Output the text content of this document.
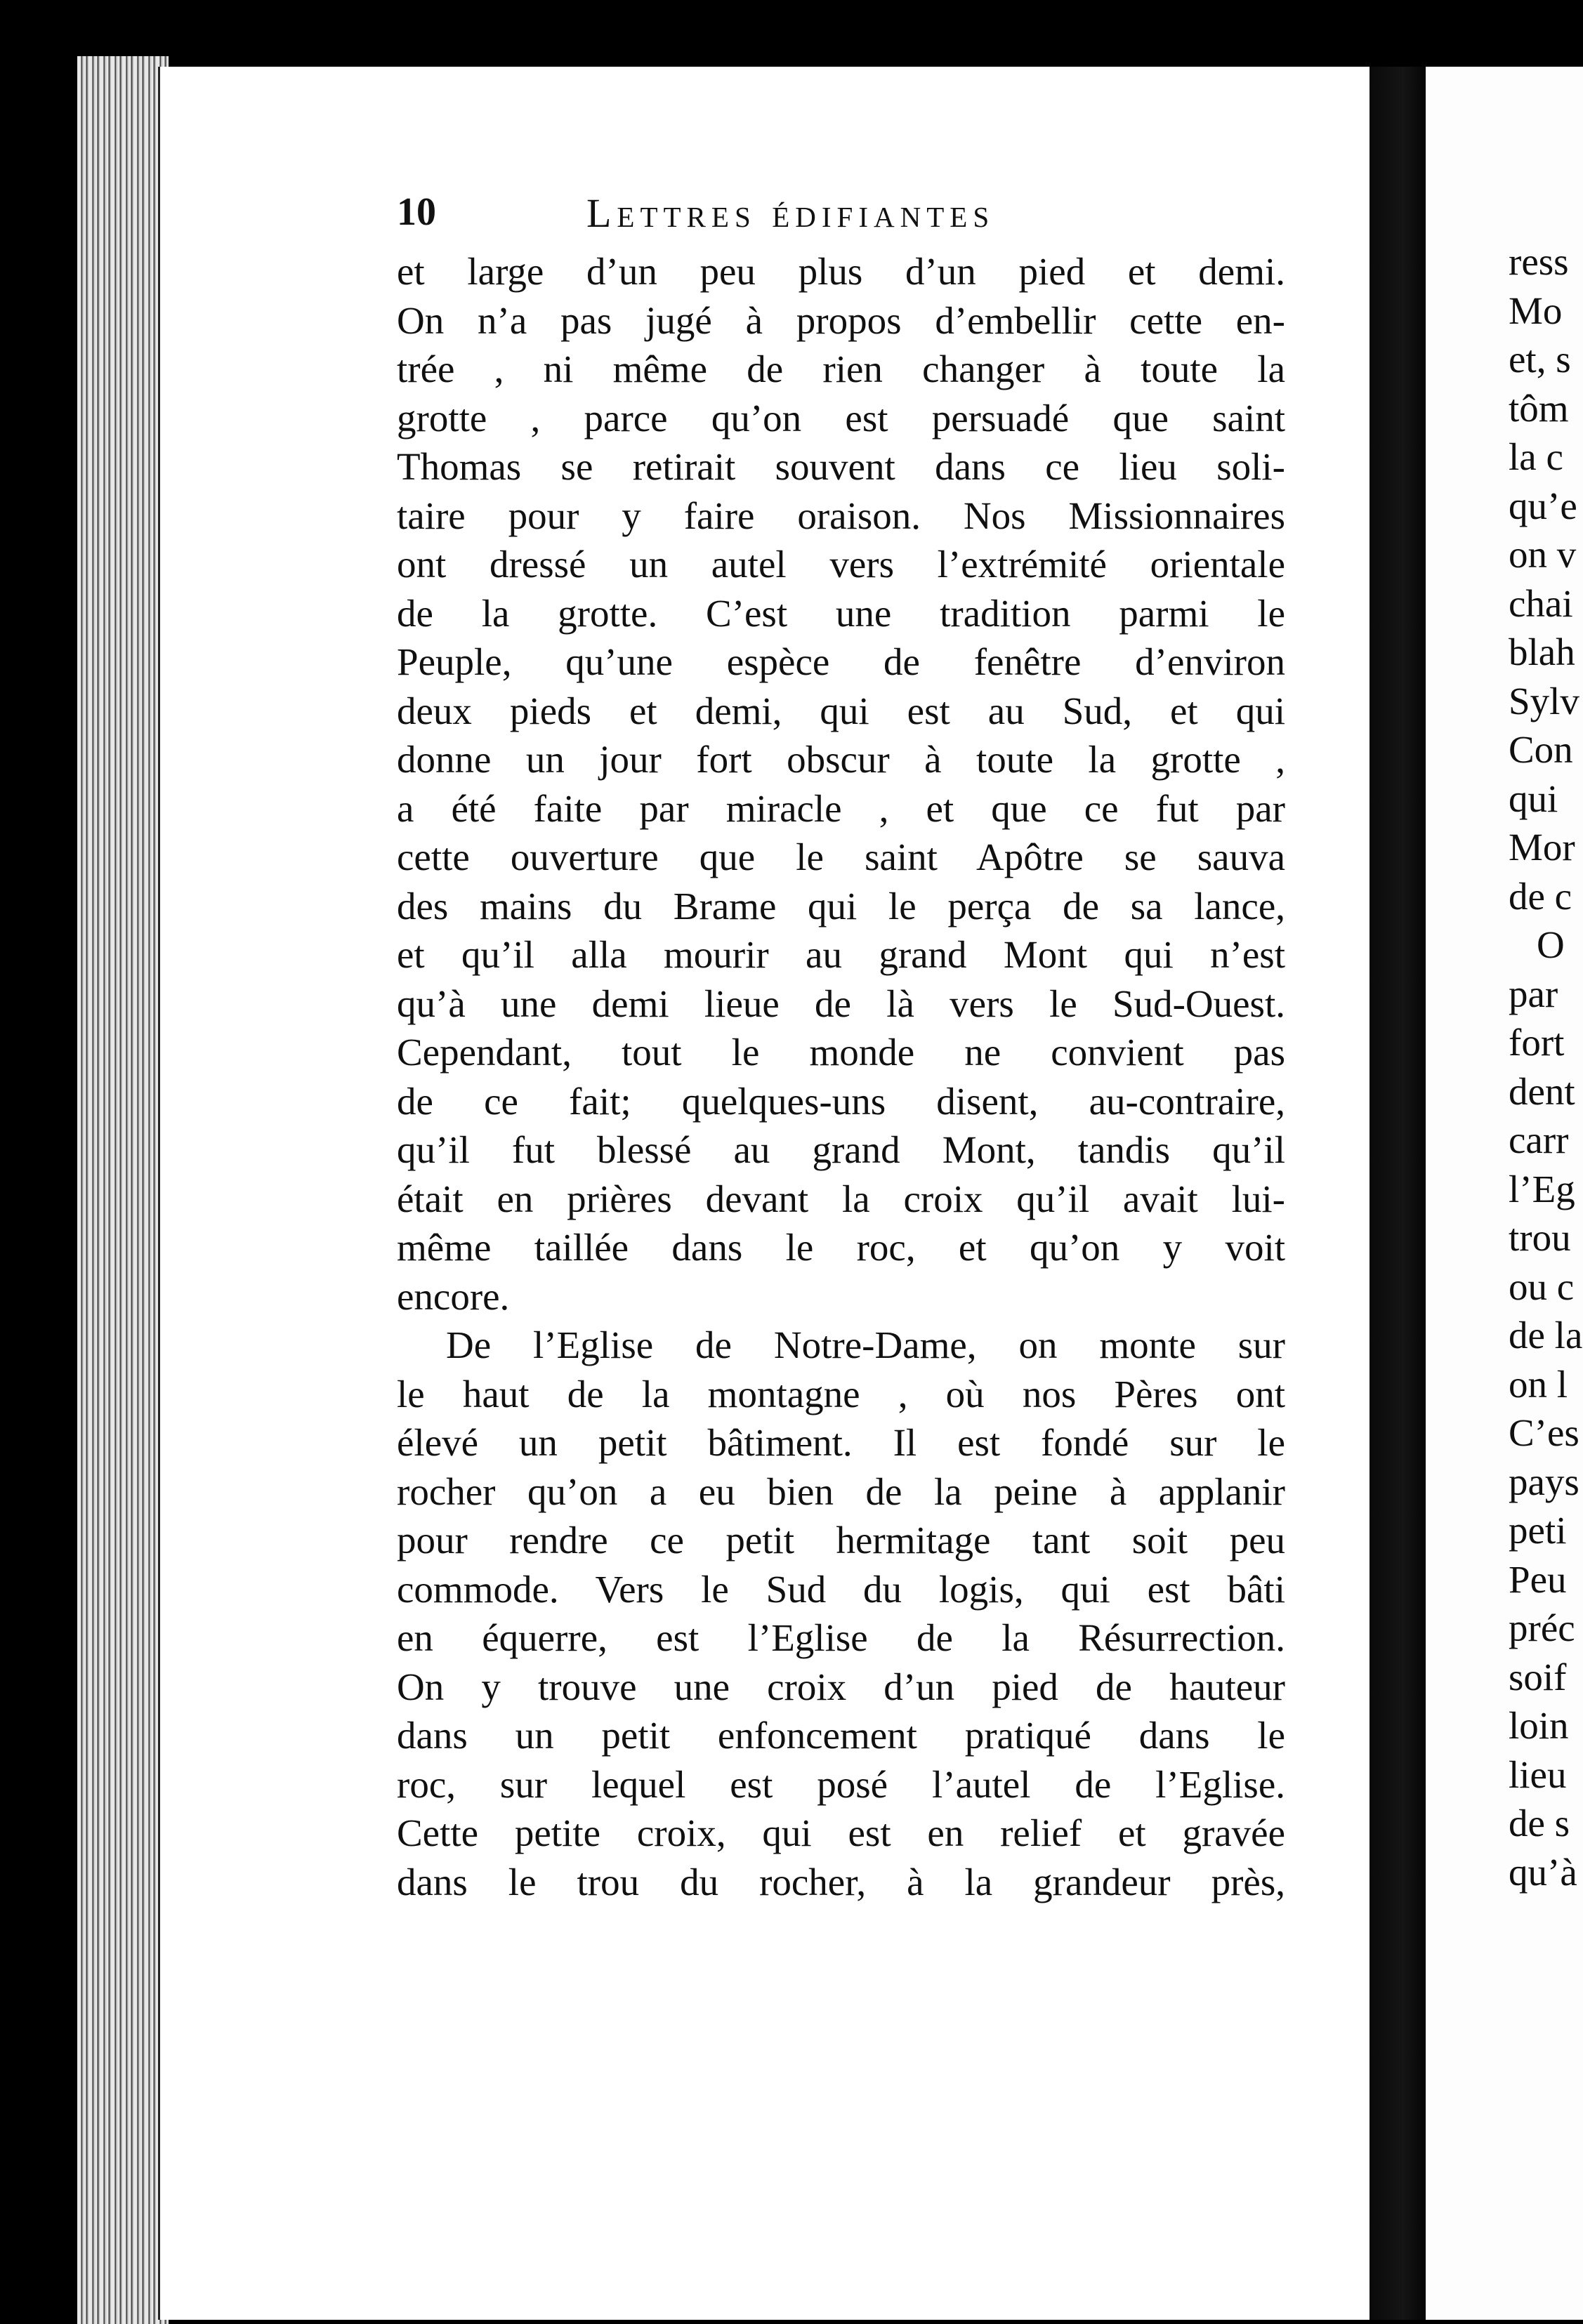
10	Lettres édifiantes
et large d’un peu plus d’un pied et demi.
On n’a pas jugé à propos d’embellir cette en-
trée , ni même de rien changer à toute la
grotte , parce qu’on est persuadé que saint
Thomas se retirait souvent dans ce lieu soli-
taire pour y faire oraison. Nos Missionnaires
ont dressé un autel vers l’extrémité orientale
de la grotte. C’est une tradition parmi le
Peuple, qu’une espèce de fenêtre d’environ
deux pieds et demi, qui est au Sud, et qui
donne un jour fort obscur à toute la grotte ,
a été faite par miracle , et que ce fut par
cette ouverture que le saint Apôtre se sauva
des mains du Brame qui le perça de sa lance,
et qu’il alla mourir au grand Mont qui n’est
qu’à une demi lieue de là vers le Sud-Ouest.
Cependant, tout le monde ne convient pas
de ce fait; quelques-uns disent, au-contraire,
qu’il fut blessé au grand Mont, tandis qu’il
était en prières devant la croix qu’il avait lui-
même taillée dans le roc, et qu’on y voit
encore.
De l’Eglise de Notre-Dame, on monte sur
le haut de la montagne , où nos Pères ont
élevé un petit bâtiment. Il est fondé sur le
rocher qu’on a eu bien de la peine à applanir
pour rendre ce petit hermitage tant soit peu
commode. Vers le Sud du logis, qui est bâti
en équerre, est l’Eglise de la Résurrection.
On y trouve une croix d’un pied de hauteur
dans un petit enfoncement pratiqué dans le
roc, sur lequel est posé l’autel de l’Eglise.
Cette petite croix, qui est en relief et gravée
dans le trou du rocher, à la grandeur près,
ress
Mo
et, s
tôm
la c
qu’e
on v
chai
blah
Sylv
Con
qui
Mor
de c
O
par
fort
dent
carr
l’Eg
trou
ou c
de la
on l
C’es
pays
peti
Peu
préc
soif
loin
lieu
de s
qu’à
